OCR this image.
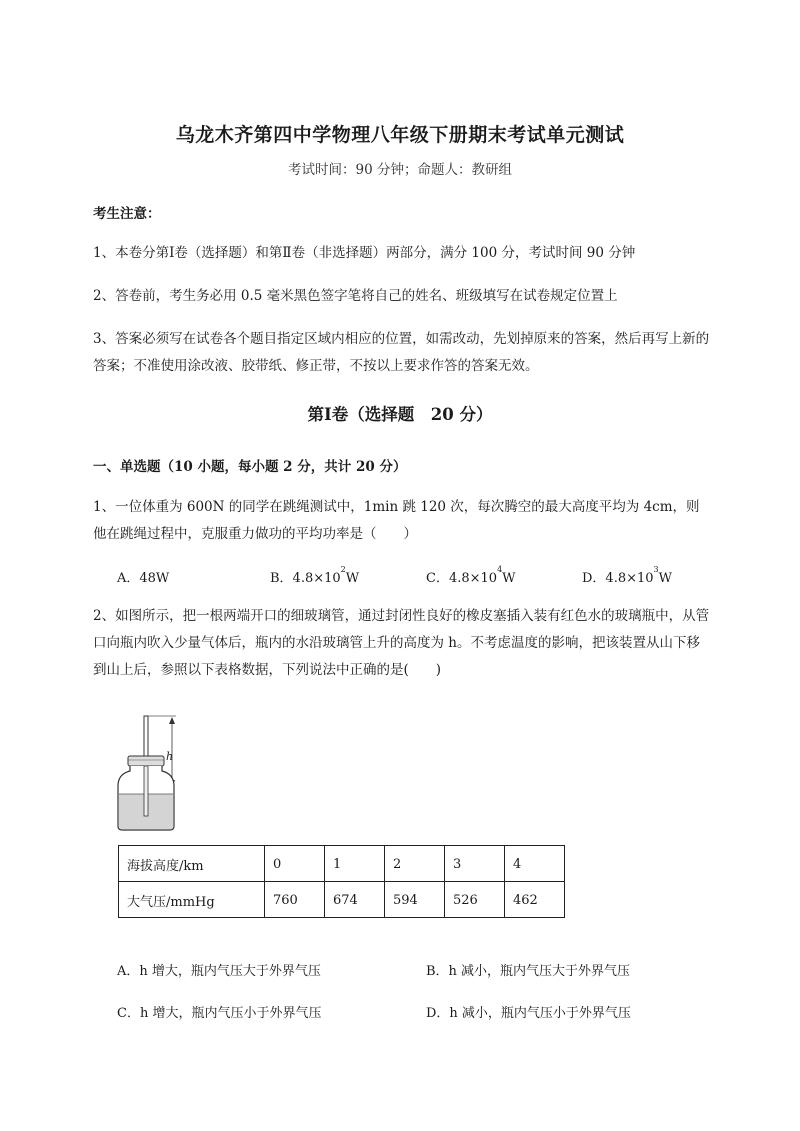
乌龙木齐第四中学物理八年级下册期末考试单元测试
考试时间：90 分钟；命题人：教研组
考生注意：
1、本卷分第Ⅰ卷（选择题）和第Ⅱ卷（非选择题）两部分，满分 100 分，考试时间 90 分钟
2、答卷前，考生务必用 0.5 毫米黑色签字笔将自己的姓名、班级填写在试卷规定位置上
3、答案必须写在试卷各个题目指定区域内相应的位置，如需改动，先划掉原来的答案，然后再写上新的答案；不准使用涂改液、胶带纸、修正带，不按以上要求作答的答案无效。
第Ⅰ卷（选择题　20 分）
一、单选题（10 小题，每小题 2 分，共计 20 分）
1、一位体重为 600N 的同学在跳绳测试中，1min 跳 120 次，每次腾空的最大高度平均为 4cm，则他在跳绳过程中，克服重力做功的平均功率是（　　）
A．48W	B．$4.8\times 10^2W$	C．$4.8\times 10^4W$	D．$4.8\times 10^3W$
2、如图所示，把一根两端开口的细玻璃管，通过封闭性良好的橡皮塞插入装有红色水的玻璃瓶中，从管口向瓶内吹入少量气体后，瓶内的水沿玻璃管上升的高度为 h。不考虑温度的影响，把该装置从山下移到山上后，参照以下表格数据，下列说法中正确的是(　　)
h
海拔高度/km	0	1	2	3	4
大气压/mmHg	760	674	594	526	462
A．h 增大，瓶内气压大于外界气压	B．h 减小，瓶内气压大于外界气压
C．h 增大，瓶内气压小于外界气压	D．h 减小，瓶内气压小于外界气压
